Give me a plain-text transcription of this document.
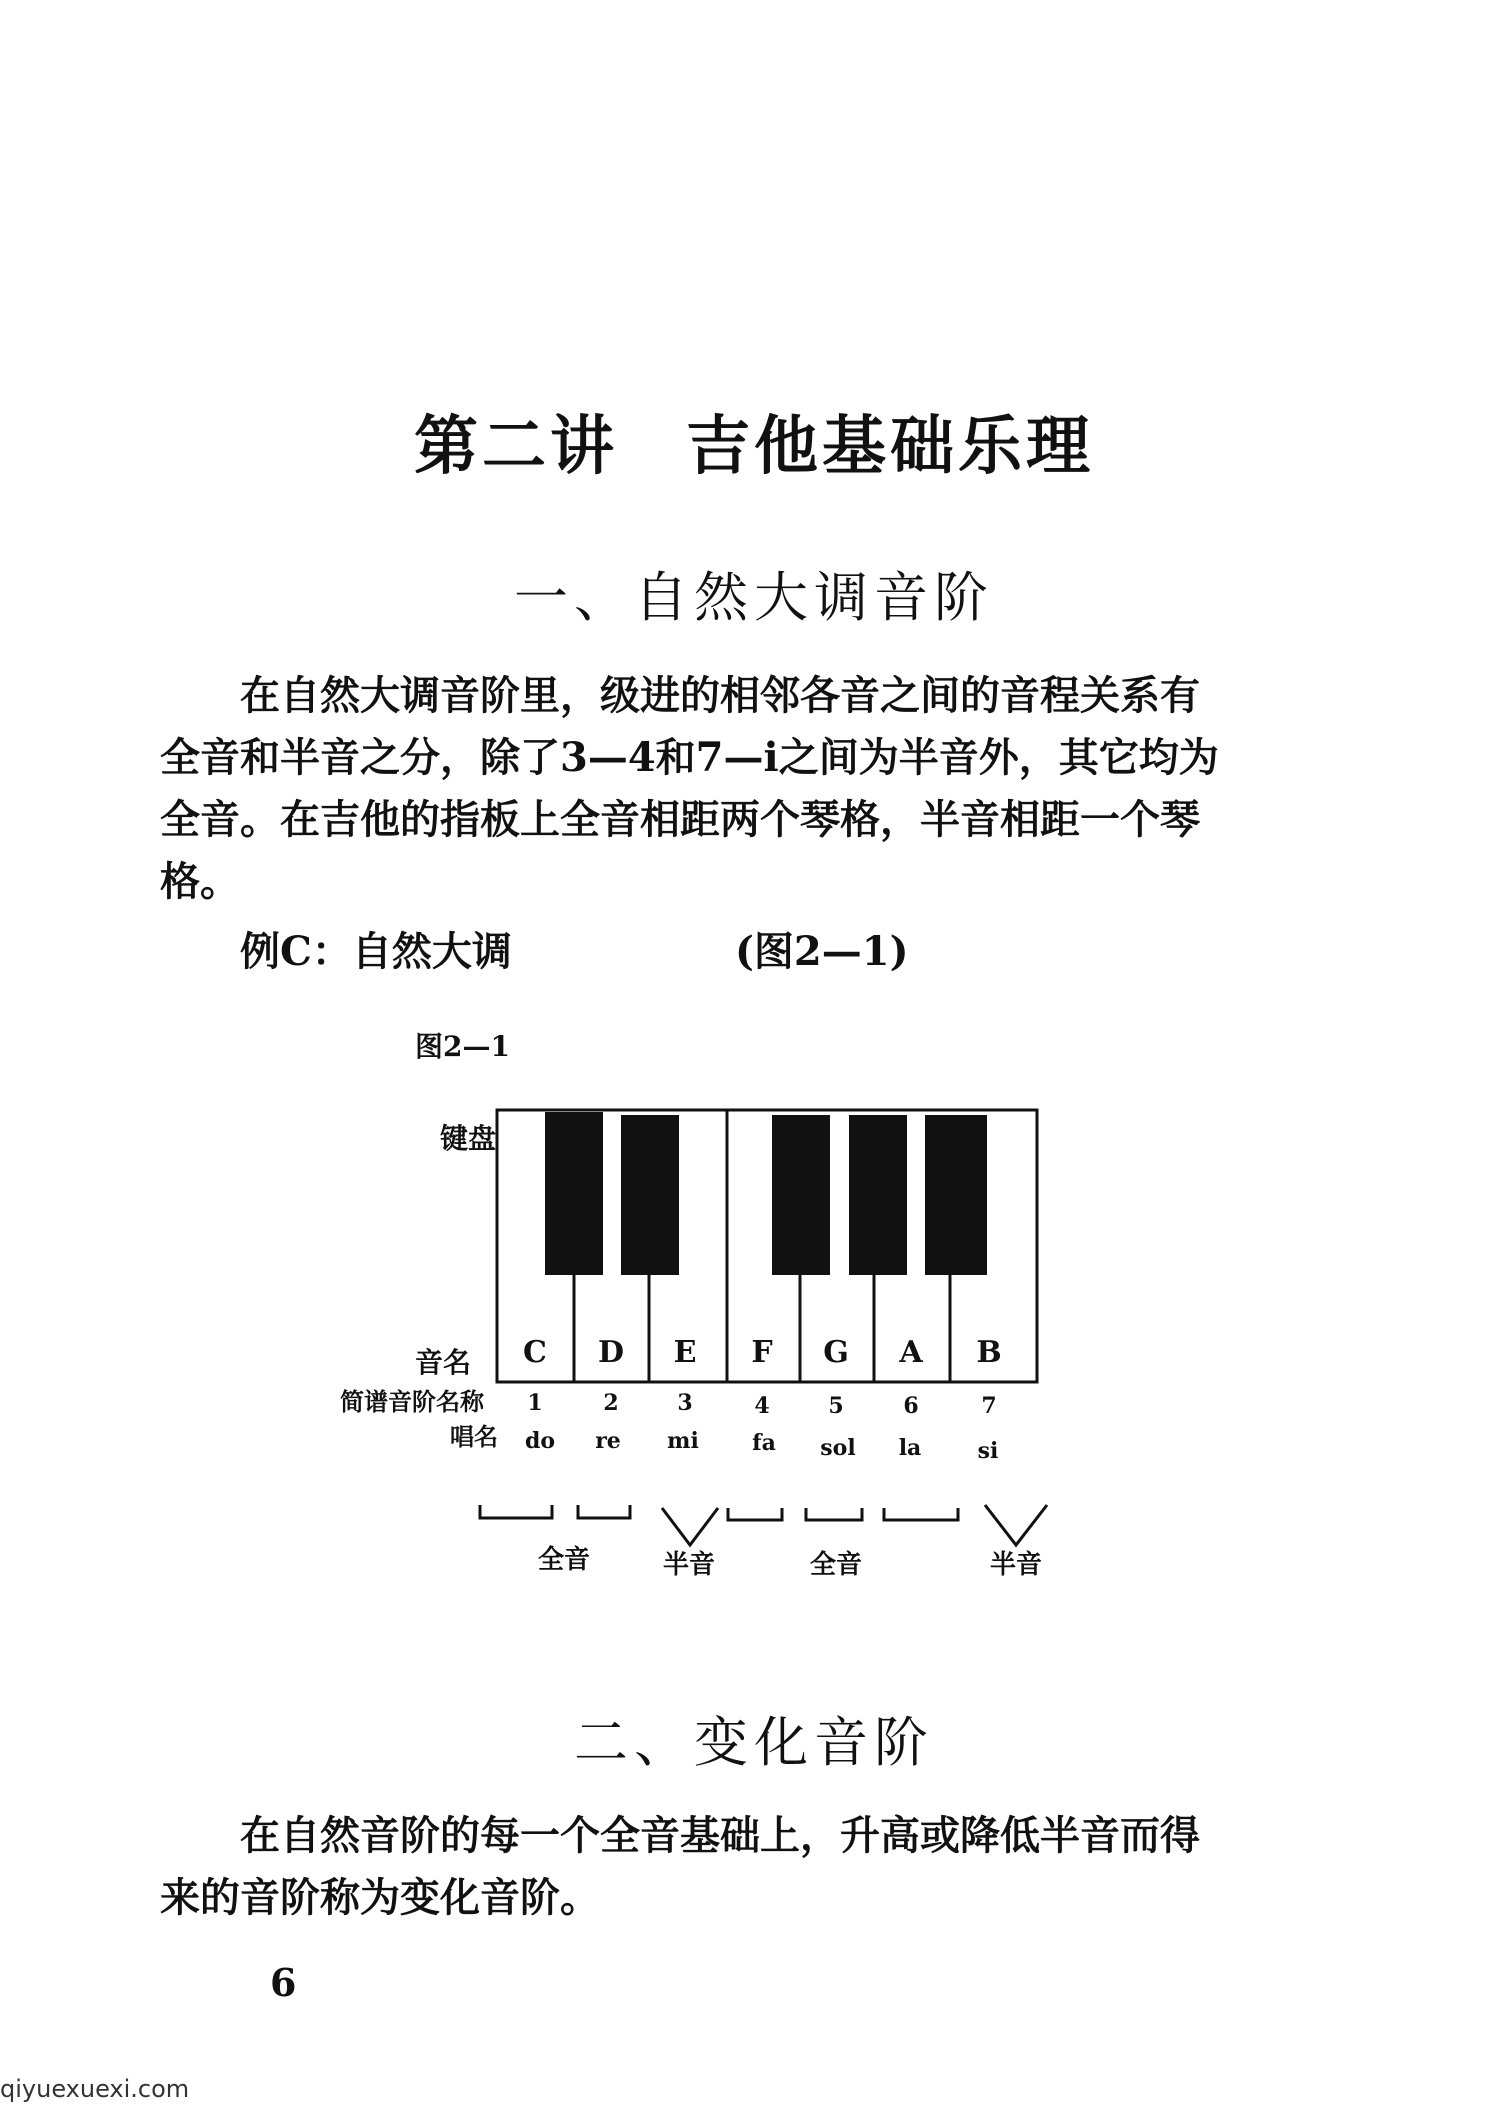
第二讲　吉他基础乐理
一、自然大调音阶

在自然大调音阶里，级进的相邻各音之间的音程关系有

全音和半音之分，除了3—4和7—i之间为半音外，其它均为

全音。在吉他的指板上全音相距两个琴格，半音相距一个琴

格。

例C：自然大调	(图2—1)
图2—1
键盘
音名
简谱音阶名称
唱名
C D E F G A B
1	2	3	4	5	6	7
do re mi fa sol la	si
全音	半音	全音	半音
二、变化音阶

在自然音阶的每一个全音基础上，升高或降低半音而得

来的音阶称为变化音阶。

6
qiyuexuexi.com
